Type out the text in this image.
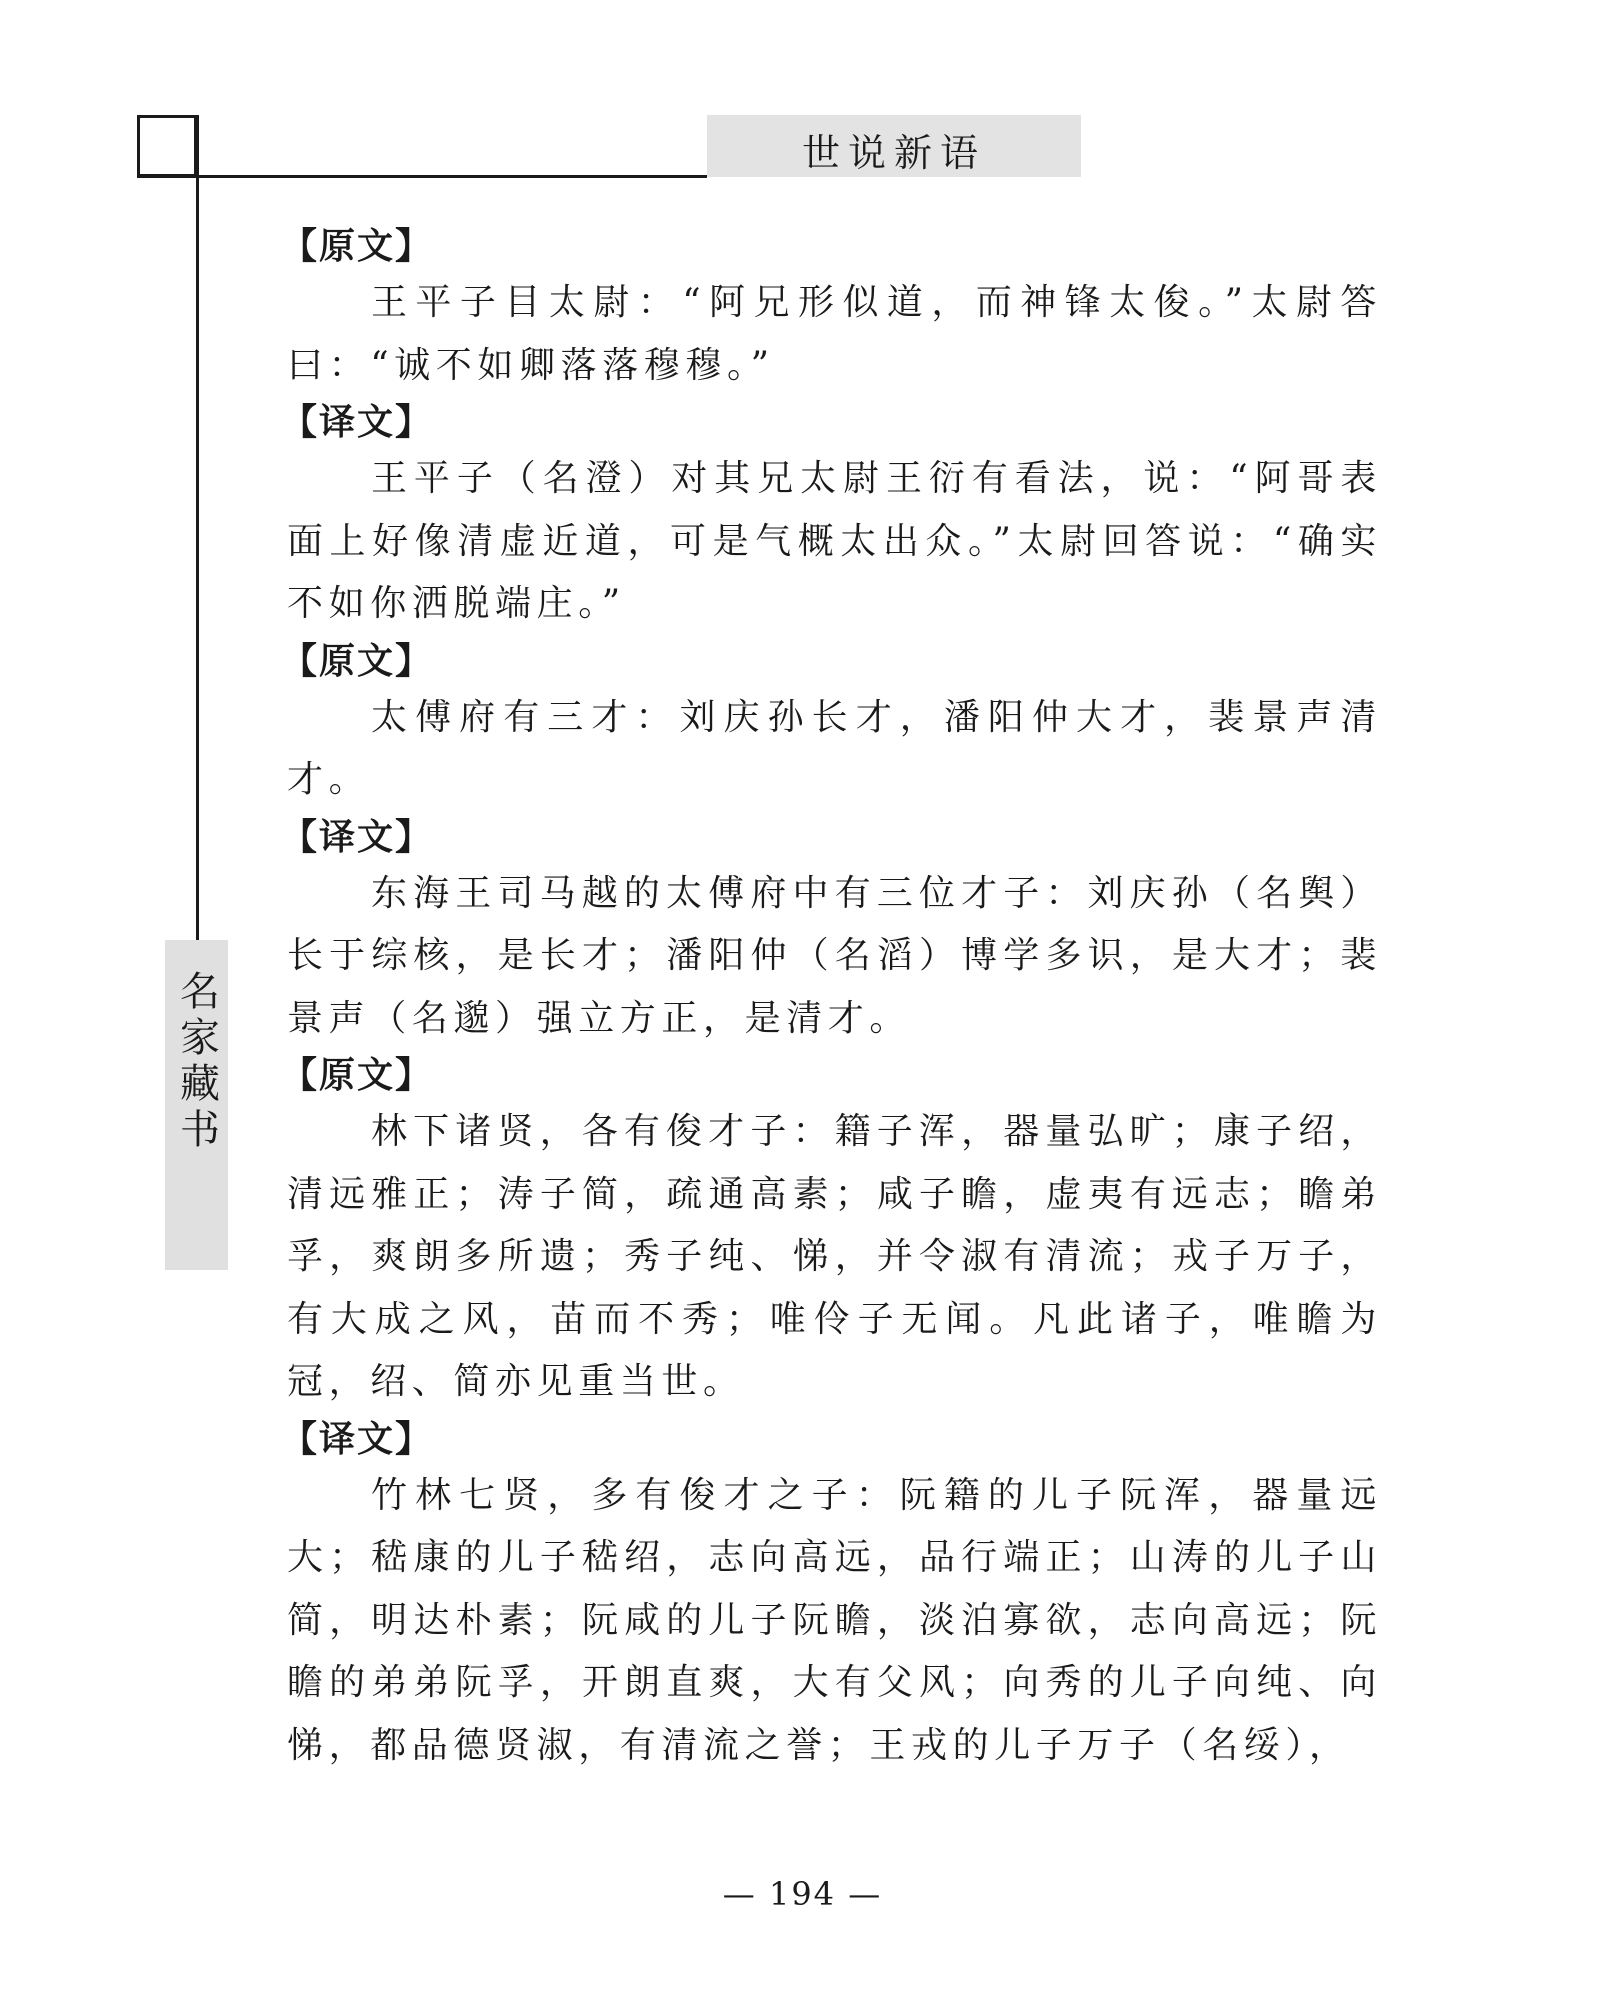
世说新语
名家藏书
【原文】

王平子目太尉：“阿兄形似道，而神锋太俊。”太尉答曰：“诚不如卿落落穆穆。”

【译文】

王平子（名澄）对其兄太尉王衍有看法，说：“阿哥表面上好像清虚近道，可是气概太出众。”太尉回答说：“确实不如你洒脱端庄。”

【原文】

太傅府有三才：刘庆孙长才，潘阳仲大才，裴景声清才。

【译文】

东海王司马越的太傅府中有三位才子：刘庆孙（名舆）长于综核，是长才；潘阳仲（名滔）博学多识，是大才；裴景声（名邈）强立方正，是清才。

【原文】

林下诸贤，各有俊才子：籍子浑，器量弘旷；康子绍，清远雅正；涛子简，疏通高素；咸子瞻，虚夷有远志；瞻弟孚，爽朗多所遗；秀子纯、悌，并令淑有清流；戎子万子，有大成之风，苗而不秀；唯伶子无闻。凡此诸子，唯瞻为冠，绍、简亦见重当世。

【译文】

竹林七贤，多有俊才之子：阮籍的儿子阮浑，器量远大；嵇康的儿子嵇绍，志向高远，品行端正；山涛的儿子山简，明达朴素；阮咸的儿子阮瞻，淡泊寡欲，志向高远；阮瞻的弟弟阮孚，开朗直爽，大有父风；向秀的儿子向纯、向悌，都品德贤淑，有清流之誉；王戎的儿子万子（名绥），

— 194 —
